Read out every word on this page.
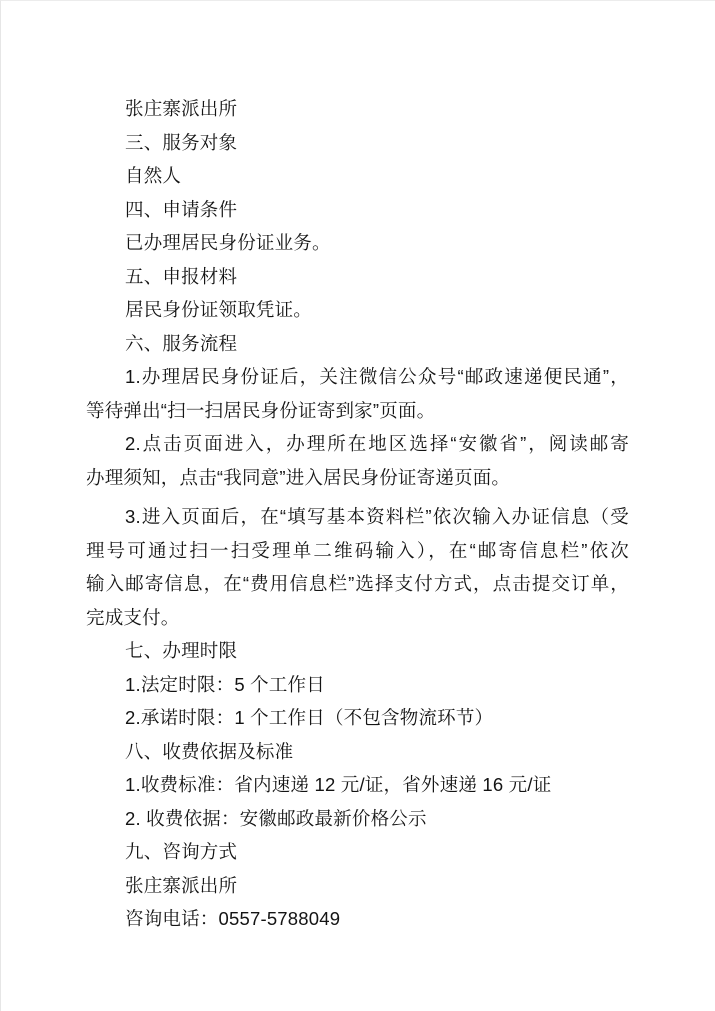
张庄寨派出所
三、服务对象
自然人
四、申请条件
已办理居民身份证业务。
五、申报材料
居民身份证领取凭证。
六、服务流程
1.办理居民身份证后，关注微信公众号“邮政速递便民通”，
等待弹出“扫一扫居民身份证寄到家”页面。
2.点击页面进入，办理所在地区选择“安徽省”，阅读邮寄
办理须知，点击“我同意”进入居民身份证寄递页面。
3.进入页面后，在“填写基本资料栏”依次输入办证信息（受
理号可通过扫一扫受理单二维码输入），在“邮寄信息栏”依次
输入邮寄信息，在“费用信息栏”选择支付方式，点击提交订单，
完成支付。
七、办理时限
1.法定时限：5 个工作日
2.承诺时限：1 个工作日（不包含物流环节）
八、收费依据及标准
1.收费标准：省内速递 12 元/证，省外速递 16 元/证
2. 收费依据：安徽邮政最新价格公示
九、咨询方式
张庄寨派出所
咨询电话：0557-5788049
